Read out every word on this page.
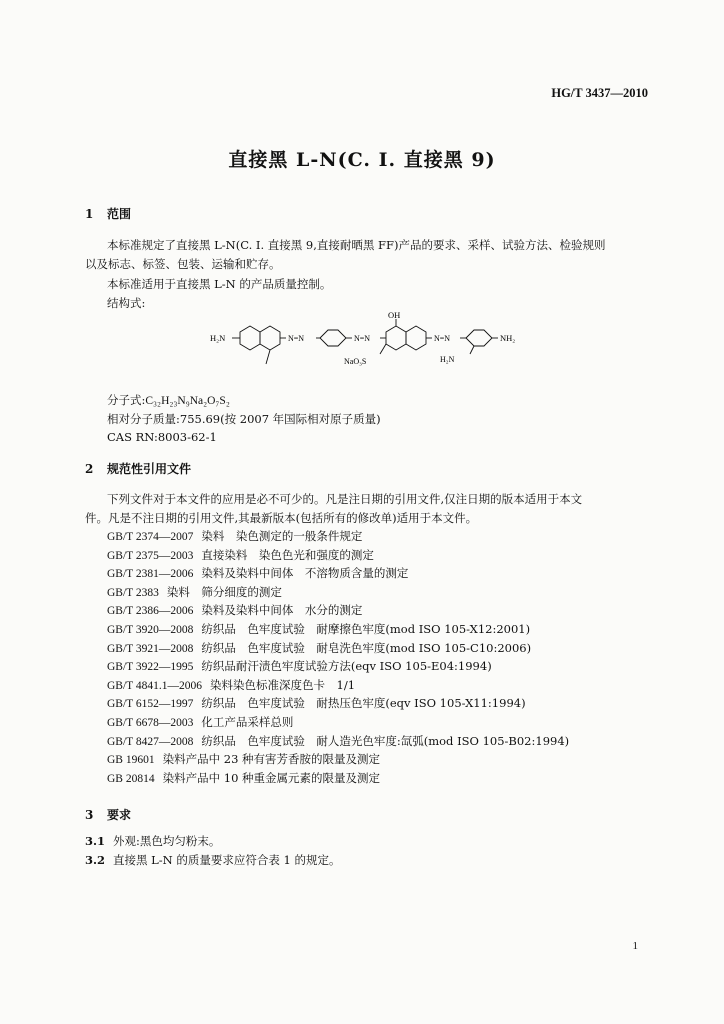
HG/T 3437—2010
直接黑 L-N(C. I. 直接黑 9)
1 范围
本标准规定了直接黑 L-N(C. I. 直接黑 9,直接耐晒黑 FF)产品的要求、采样、试验方法、检验规则
以及标志、标签、包装、运输和贮存。
本标准适用于直接黑 L-N 的产品质量控制。
结构式:
H₂N	N=N	N=N	N=N
OH
NH₂
NaO₃S	H₂N
分子式:C₃₂H₂₃N₉Na₂O₇S₂
相对分子质量:755.69(按 2007 年国际相对原子质量)
CAS RN:8003-62-1
2 规范性引用文件
下列文件对于本文件的应用是必不可少的。凡是注日期的引用文件,仅注日期的版本适用于本文
件。凡是不注日期的引用文件,其最新版本(包括所有的修改单)适用于本文件。
GB/T 2374—2007 染料　染色测定的一般条件规定
GB/T 2375—2003 直接染料　染色色光和强度的测定
GB/T 2381—2006 染料及染料中间体　不溶物质含量的测定
GB/T 2383 染料　筛分细度的测定
GB/T 2386—2006 染料及染料中间体　水分的测定
GB/T 3920—2008 纺织品　色牢度试验　耐摩擦色牢度(mod ISO 105-X12:2001)
GB/T 3921—2008 纺织品　色牢度试验　耐皂洗色牢度(mod ISO 105-C10:2006)
GB/T 3922—1995 纺织品耐汗渍色牢度试验方法(eqv ISO 105-E04:1994)
GB/T 4841.1—2006 染料染色标准深度色卡　1/1
GB/T 6152—1997 纺织品　色牢度试验　耐热压色牢度(eqv ISO 105-X11:1994)
GB/T 6678—2003 化工产品采样总则
GB/T 8427—2008 纺织品　色牢度试验　耐人造光色牢度:氙弧(mod ISO 105-B02:1994)
GB 19601 染料产品中 23 种有害芳香胺的限量及测定
GB 20814 染料产品中 10 种重金属元素的限量及测定
3 要求
3.1 外观:黑色均匀粉末。
3.2 直接黑 L-N 的质量要求应符合表 1 的规定。
1
